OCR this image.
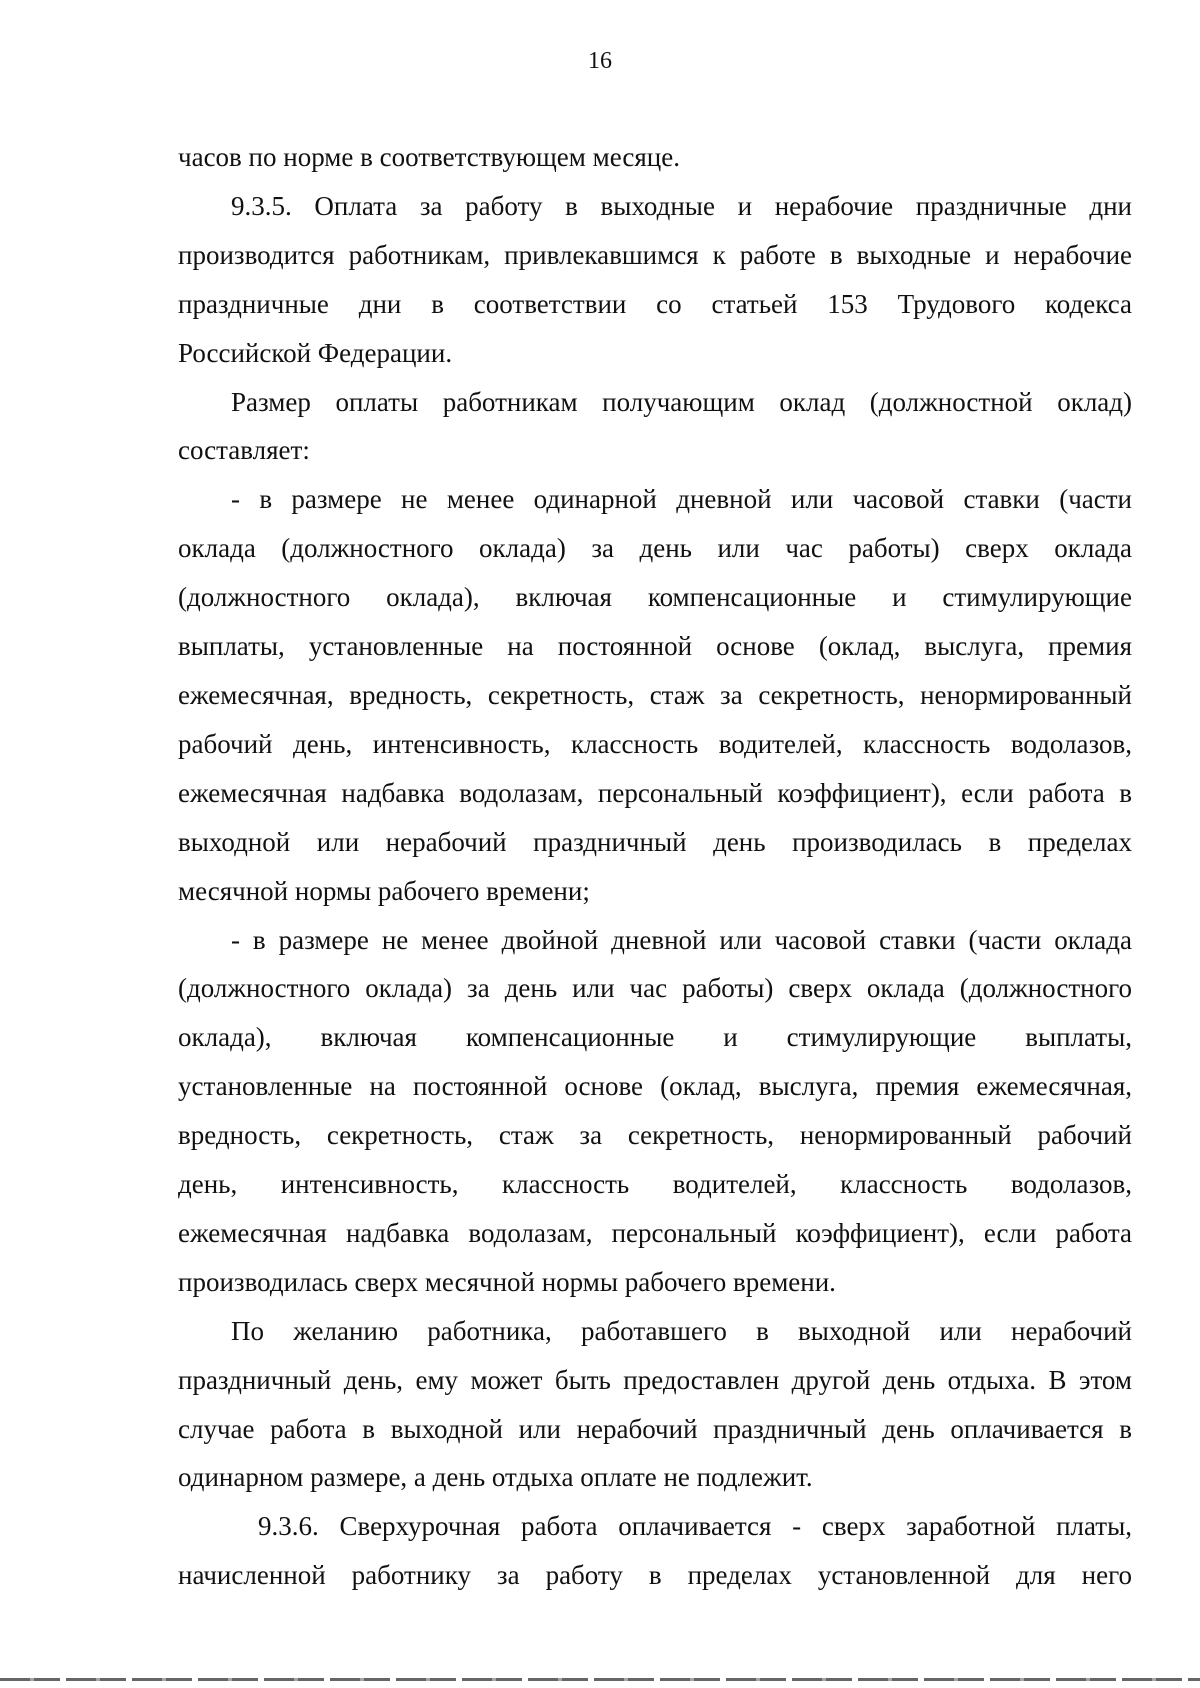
16
часов по норме в соответствующем месяце.
9.3.5. Оплата за работу в выходные и нерабочие праздничные дни
производится работникам, привлекавшимся к работе в выходные и нерабочие
праздничные дни в соответствии со статьей 153 Трудового кодекса
Российской Федерации.
Размер оплаты работникам получающим оклад (должностной оклад)
составляет:
- в размере не менее одинарной дневной или часовой ставки (части
оклада (должностного оклада) за день или час работы) сверх оклада
(должностного оклада), включая компенсационные и стимулирующие
выплаты, установленные на постоянной основе (оклад, выслуга, премия
ежемесячная, вредность, секретность, стаж за секретность, ненормированный
рабочий день, интенсивность, классность водителей, классность водолазов,
ежемесячная надбавка водолазам, персональный коэффициент), если работа в
выходной или нерабочий праздничный день производилась в пределах
месячной нормы рабочего времени;
- в размере не менее двойной дневной или часовой ставки (части оклада
(должностного оклада) за день или час работы) сверх оклада (должностного
оклада), включая компенсационные и стимулирующие выплаты,
установленные на постоянной основе (оклад, выслуга, премия ежемесячная,
вредность, секретность, стаж за секретность, ненормированный рабочий
день, интенсивность, классность водителей, классность водолазов,
ежемесячная надбавка водолазам, персональный коэффициент), если работа
производилась сверх месячной нормы рабочего времени.
По желанию работника, работавшего в выходной или нерабочий
праздничный день, ему может быть предоставлен другой день отдыха. В этом
случае работа в выходной или нерабочий праздничный день оплачивается в
одинарном размере, а день отдыха оплате не подлежит.
9.3.6. Сверхурочная работа оплачивается - сверх заработной платы,
начисленной работнику за работу в пределах установленной для него
